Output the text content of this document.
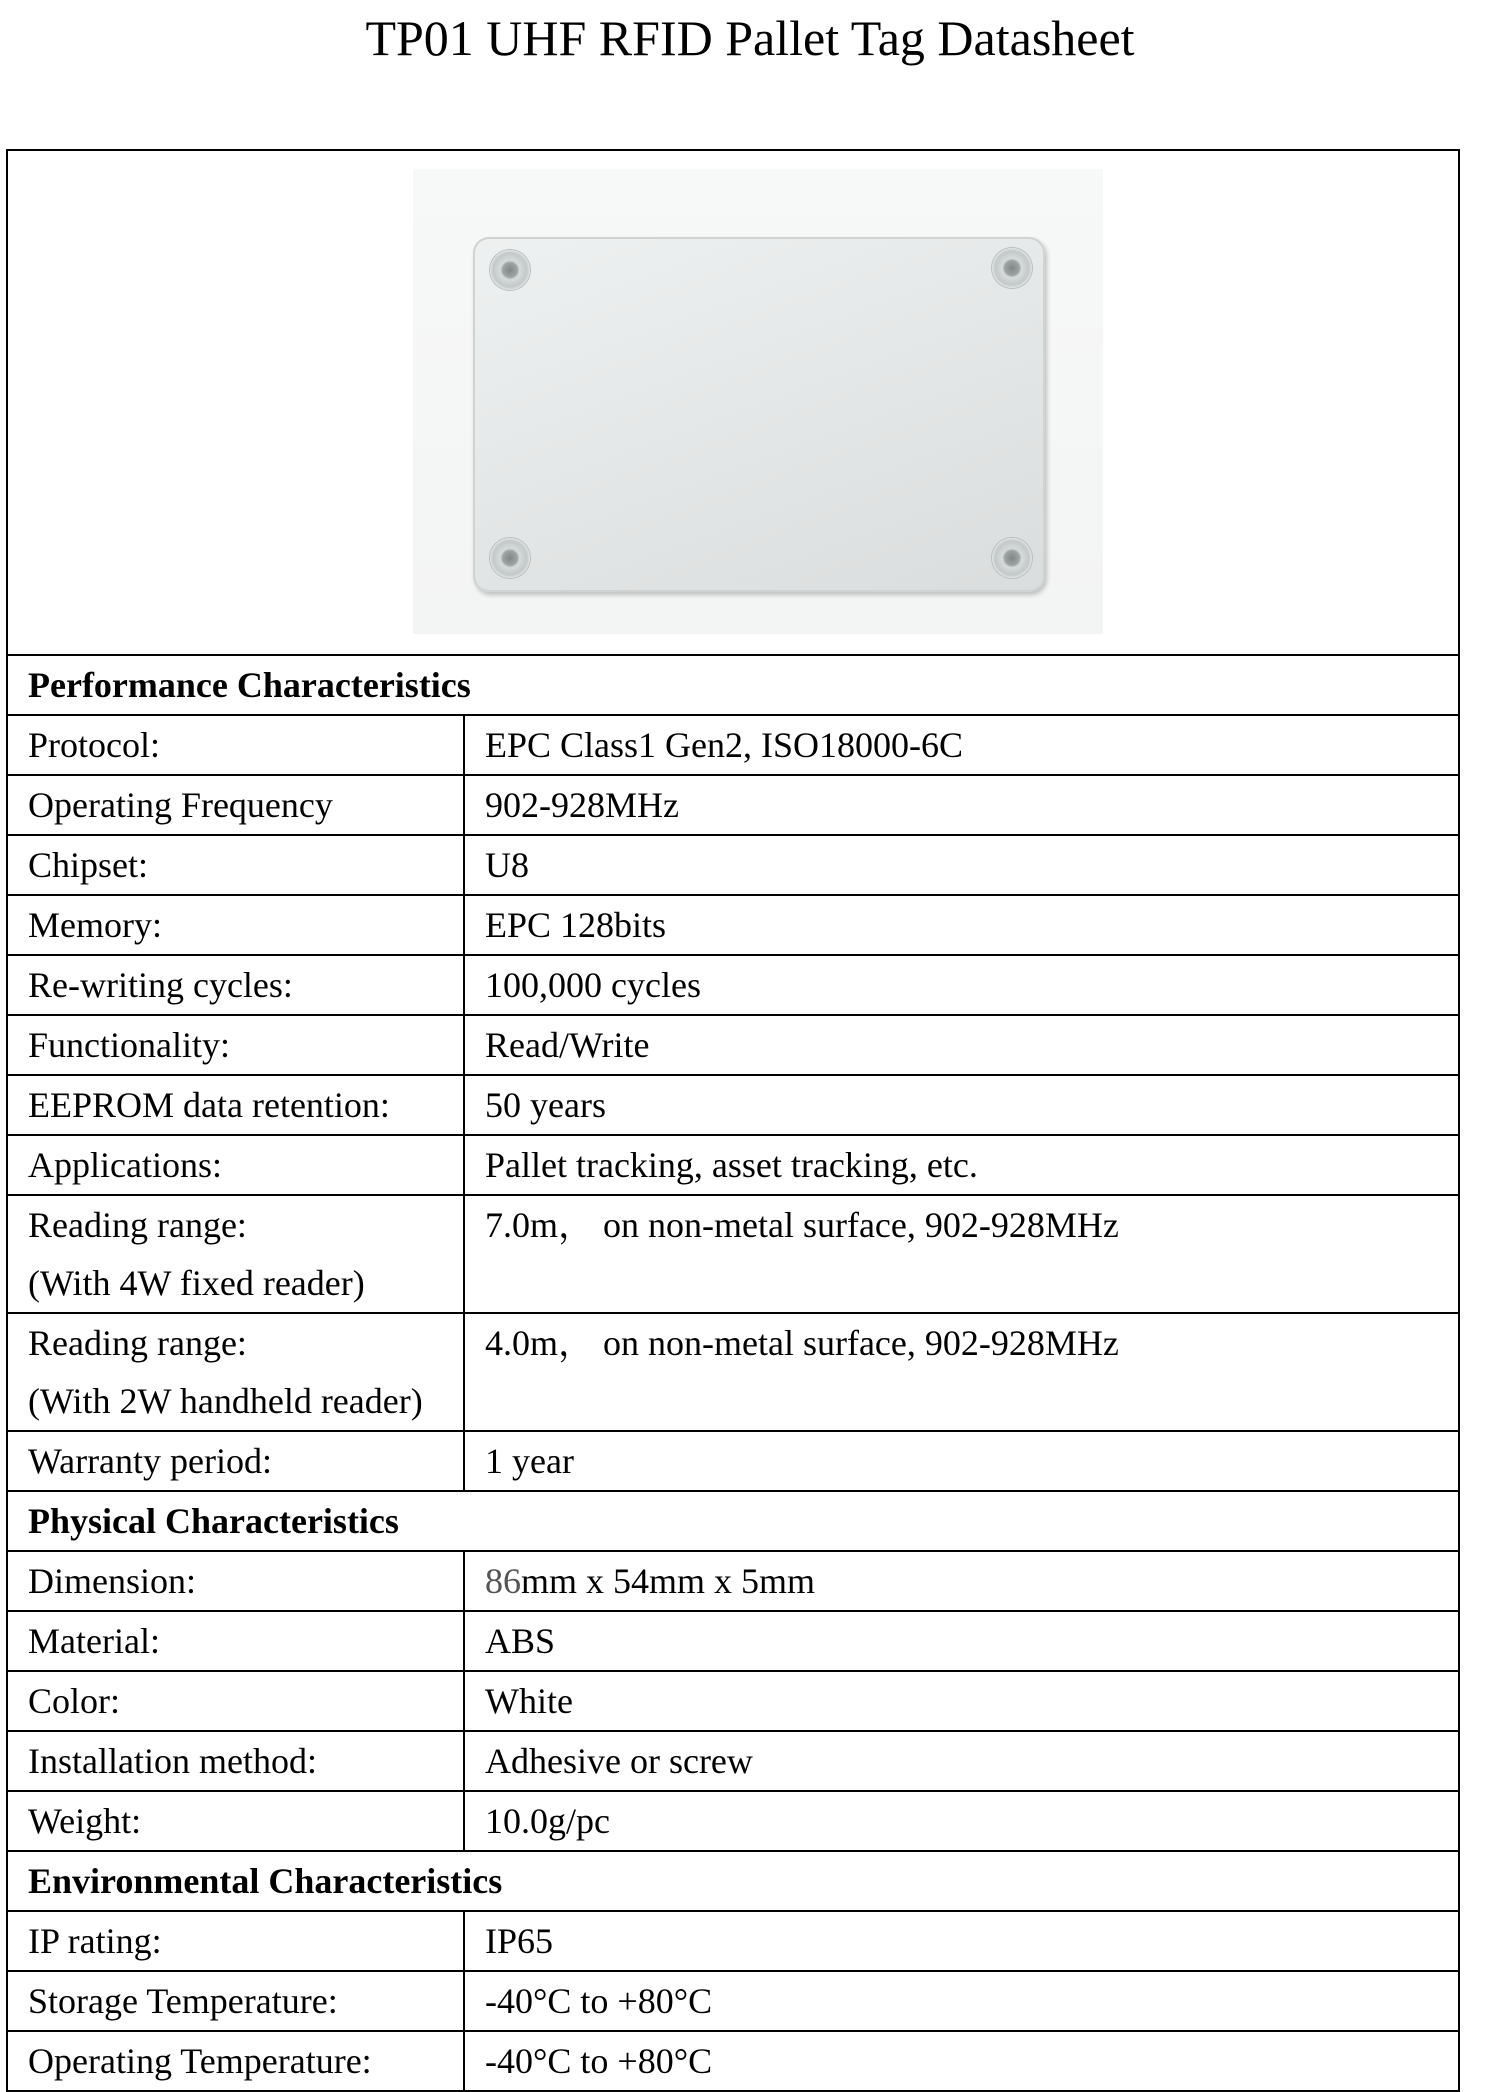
TP01 UHF RFID Pallet Tag Datasheet

Performance Characteristics	
Protocol:	EPC Class1 Gen2, ISO18000-6C
Operating Frequency	902-928MHz
Chipset:	U8
Memory:	EPC 128bits
Re-writing cycles:	100,000 cycles
Functionality:	Read/Write
EEPROM data retention:	50 years
Applications:	Pallet tracking, asset tracking, etc.

Reading range:
(With 4W fixed reader)	7.0m， on non-metal surface, 902-928MHz

Reading range:
(With 2W handheld reader)	4.0m， on non-metal surface, 902-928MHz
Warranty period:	1 year
Physical Characteristics	
Dimension:	86mm x 54mm x 5mm
Material:	ABS
Color:	White
Installation method:	Adhesive or screw
Weight:	10.0g/pc
Environmental Characteristics	
IP rating:	IP65
Storage Temperature:	-40°C to +80°C
Operating Temperature:	-40°C to +80°C
